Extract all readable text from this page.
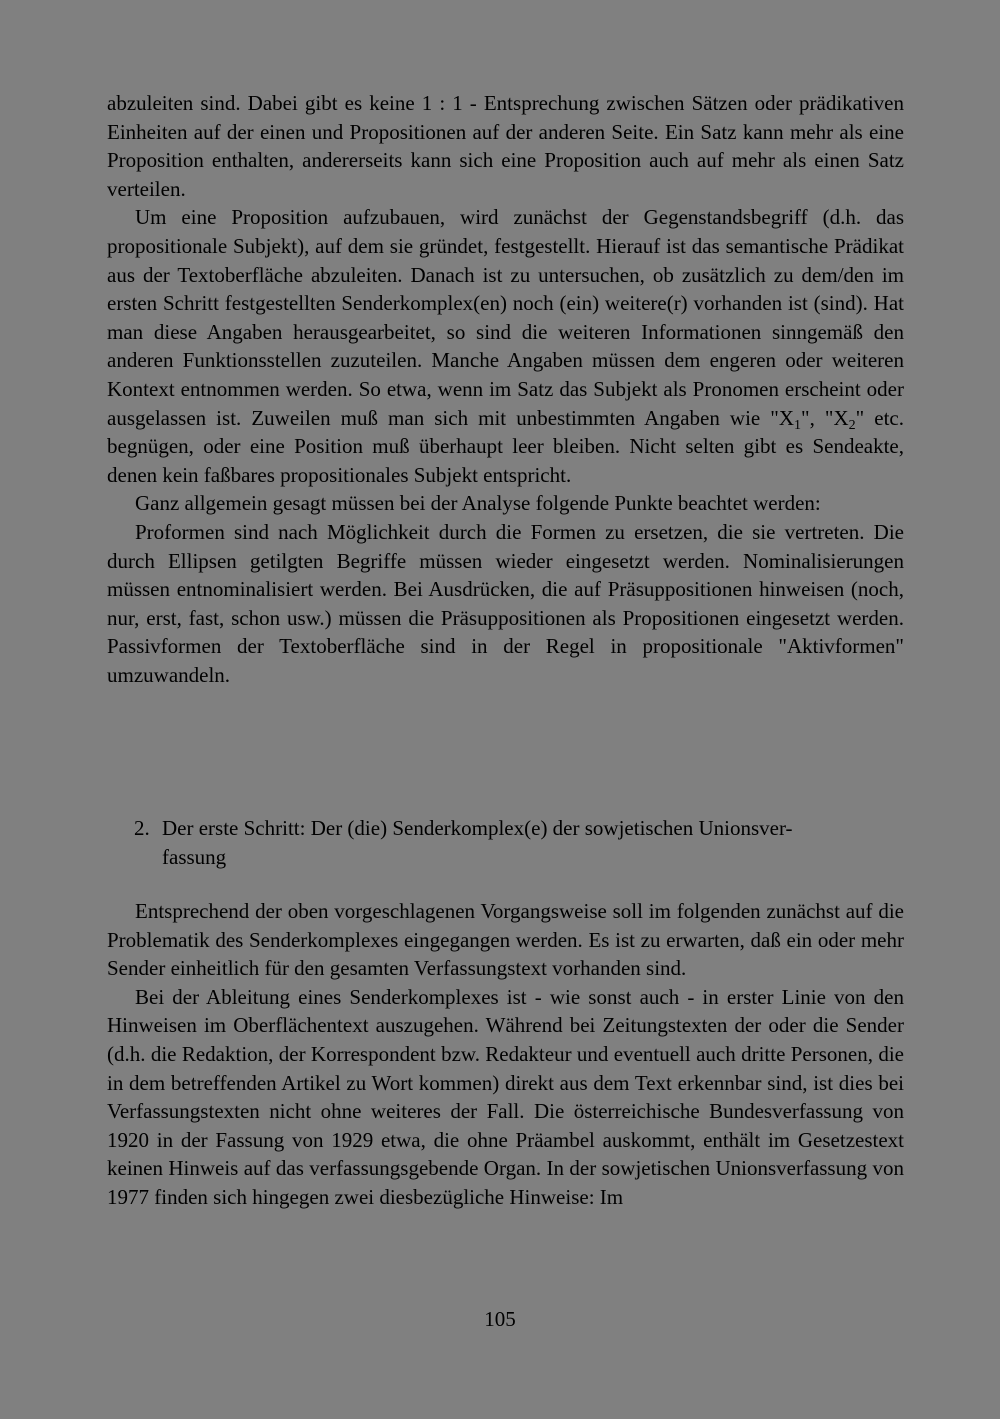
abzuleiten sind. Dabei gibt es keine 1 : 1 - Entsprechung zwischen Sätzen oder prädikativen Einheiten auf der einen und Propositionen auf der anderen Seite. Ein Satz kann mehr als eine Proposition enthalten, andererseits kann sich eine Proposition auch auf mehr als einen Satz verteilen.

Um eine Proposition aufzubauen, wird zunächst der Gegenstandsbegriff (d.h. das propositionale Subjekt), auf dem sie gründet, festgestellt. Hierauf ist das semantische Prädikat aus der Textoberfläche abzuleiten. Danach ist zu untersuchen, ob zusätzlich zu dem/den im ersten Schritt festgestellten Senderkomplex(en) noch (ein) weitere(r) vorhanden ist (sind). Hat man diese Angaben herausgearbeitet, so sind die weiteren Informationen sinngemäß den anderen Funktionsstellen zuzuteilen. Manche Angaben müssen dem engeren oder weiteren Kontext entnommen werden. So etwa, wenn im Satz das Subjekt als Pronomen erscheint oder ausgelassen ist. Zuweilen muß man sich mit unbestimmten Angaben wie "$X_1$", "$X_2$" etc. begnügen, oder eine Position muß überhaupt leer bleiben. Nicht selten gibt es Sendeakte, denen kein faßbares propositionales Subjekt entspricht.

Ganz allgemein gesagt müssen bei der Analyse folgende Punkte beachtet werden:

Proformen sind nach Möglichkeit durch die Formen zu ersetzen, die sie vertreten. Die durch Ellipsen getilgten Begriffe müssen wieder eingesetzt werden. Nominalisierungen müssen entnominalisiert werden. Bei Ausdrücken, die auf Präsuppositionen hinweisen (noch, nur, erst, fast, schon usw.) müssen die Präsuppositionen als Propositionen eingesetzt werden. Passivformen der Textoberfläche sind in der Regel in propositionale "Aktivformen" umzuwandeln.

2. Der erste Schritt: Der (die) Senderkomplex(e) der sowjetischen Unionsver-
fassung

Entsprechend der oben vorgeschlagenen Vorgangsweise soll im folgenden zunächst auf die Problematik des Senderkomplexes eingegangen werden. Es ist zu erwarten, daß ein oder mehr Sender einheitlich für den gesamten Verfassungstext vorhanden sind.

Bei der Ableitung eines Senderkomplexes ist - wie sonst auch - in erster Linie von den Hinweisen im Oberflächentext auszugehen. Während bei Zeitungstexten der oder die Sender (d.h. die Redaktion, der Korrespondent bzw. Redakteur und eventuell auch dritte Personen, die in dem betreffenden Artikel zu Wort kommen) direkt aus dem Text erkennbar sind, ist dies bei Verfassungstexten nicht ohne weiteres der Fall. Die österreichische Bundesverfassung von 1920 in der Fassung von 1929 etwa, die ohne Präambel auskommt, enthält im Gesetzestext keinen Hinweis auf das verfassungsgebende Organ. In der sowjetischen Unionsverfassung von 1977 finden sich hingegen zwei diesbezügliche Hinweise: Im

105
